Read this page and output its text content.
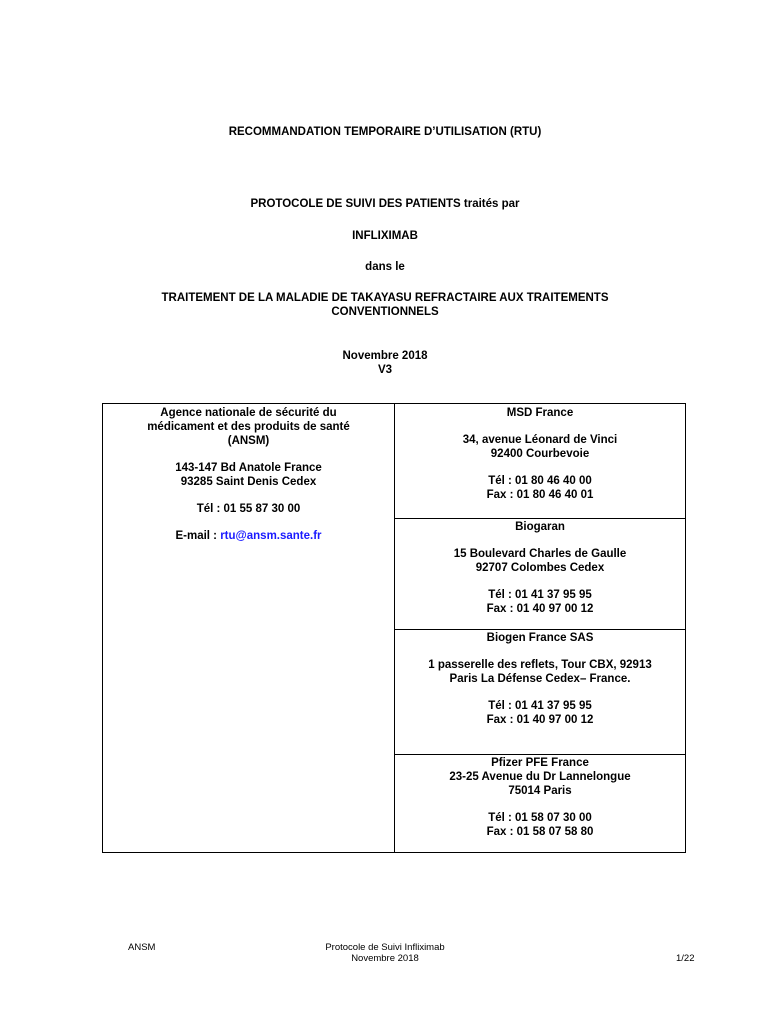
RECOMMANDATION TEMPORAIRE D’UTILISATION (RTU)
PROTOCOLE DE SUIVI DES PATIENTS traités par
INFLIXIMAB
dans le
TRAITEMENT DE LA MALADIE DE TAKAYASU REFRACTAIRE AUX TRAITEMENTS
CONVENTIONNELS
Novembre 2018
V3

Agence nationale de sécurité du

médicament et des produits de santé

(ANSM)

143-147 Bd Anatole France

93285 Saint Denis Cedex

Tél : 01 55 87 30 00

E-mail : rtu@ansm.sante.fr

MSD France

34, avenue Léonard de Vinci

92400 Courbevoie

Tél : 01 80 46 40 00

Fax : 01 80 46 40 01

Biogaran

15 Boulevard Charles de Gaulle

92707 Colombes Cedex

Tél : 01 41 37 95 95

Fax : 01 40 97 00 12

Biogen France SAS

1 passerelle des reflets, Tour CBX, 92913

Paris La Défense Cedex– France.

Tél : 01 41 37 95 95

Fax : 01 40 97 00 12

Pfizer PFE France

23-25 Avenue du Dr Lannelongue

75014 Paris

Tél : 01 58 07 30 00

Fax : 01 58 07 58 80

ANSM	Protocole de Suivi Infliximab
Novembre 2018	1/22
